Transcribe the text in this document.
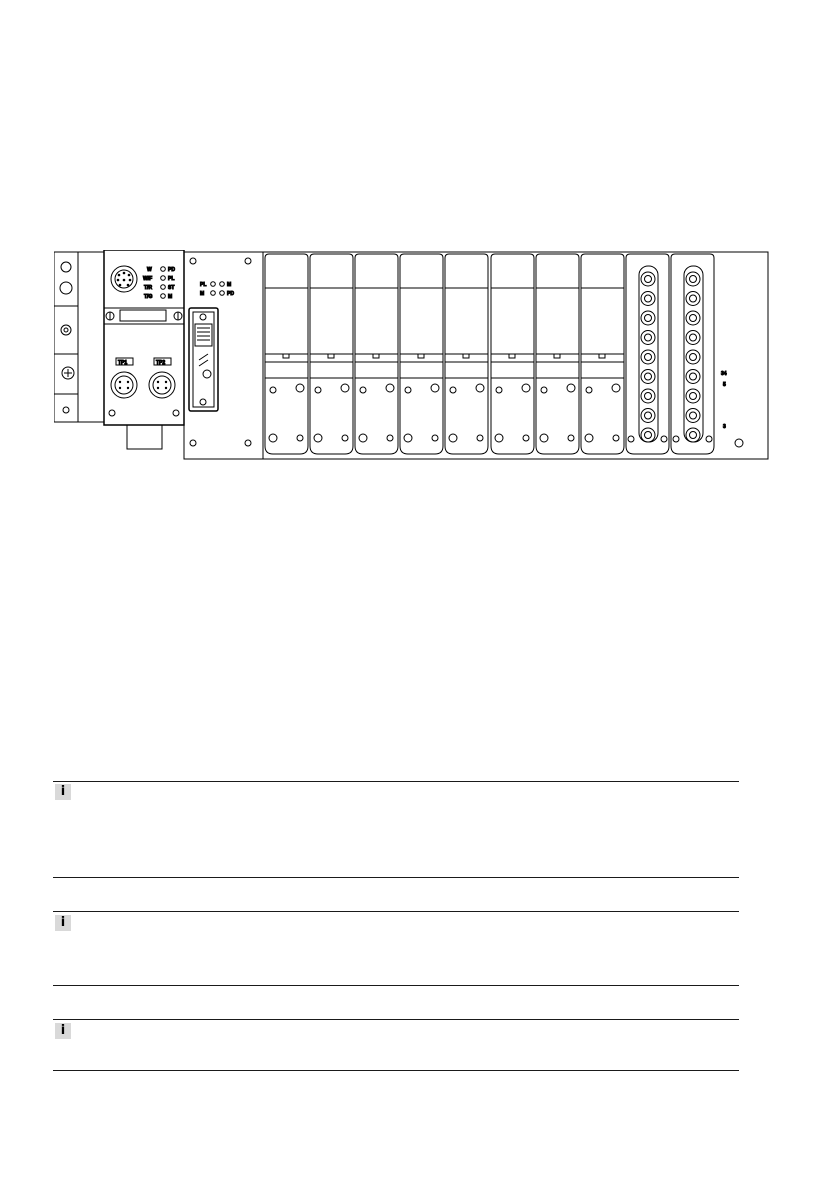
W
W/F
T/R
T/G
PD
PL
ST
M
TP1	TP2
PL
M
M
PD
34
5
3
i
i
i
